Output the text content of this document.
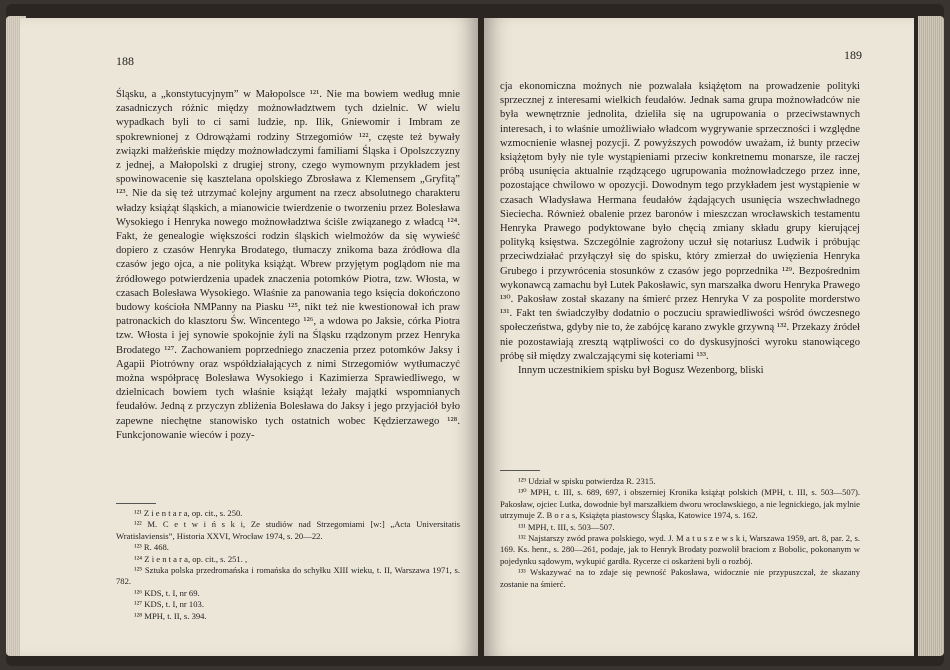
188

Śląsku, a „konstytucyjnym” w Małopolsce ¹²¹. Nie ma bowiem według mnie zasadniczych różnic między możnowładztwem tych dzielnic. W wielu wypadkach byli to ci sami ludzie, np. Ilik, Gniewomir i Imbram ze spokrewnionej z Odrowążami rodziny Strzegomiów ¹²², częste też bywały związki małżeńskie między możnowładczymi familiami Śląska i Opolszczyzny z jednej, a Małopolski z drugiej strony, czego wymownym przykładem jest spowinowacenie się kasztelana opolskiego Zbrosława z Klemensem „Gryfitą” ¹²³. Nie da się też utrzymać kolejny argument na rzecz absolutnego charakteru władzy książąt śląskich, a mianowicie twierdzenie o tworzeniu przez Bolesława Wysokiego i Henryka nowego możnowładztwa ściśle związanego z władcą ¹²⁴. Fakt, że genealogie większości rodzin śląskich wielmożów da się wywieść dopiero z czasów Henryka Brodatego, tłumaczy znikoma baza źródłowa dla czasów jego ojca, a nie polityka książąt. Wbrew przyjętym poglądom nie ma źródłowego potwierdzenia upadek znaczenia potomków Piotra, tzw. Włosta, w czasach Bolesława Wysokiego. Właśnie za panowania tego księcia dokończono budowy kościoła NMPanny na Piasku ¹²⁵, nikt też nie kwestionował ich praw patronackich do klasztoru Św. Wincentego ¹²⁶, a wdowa po Jaksie, córka Piotra tzw. Włosta i jej synowie spokojnie żyli na Śląsku rządzonym przez Henryka Brodatego ¹²⁷. Zachowaniem poprzedniego znaczenia przez potomków Jaksy i Agapii Piotrówny oraz współdziałających z nimi Strzegomiów wytłumaczyć można współpracę Bolesława Wysokiego i Kazimierza Sprawiedliwego, w dzielnicach bowiem tych właśnie książąt leżały majątki wspomnianych feudałów. Jedną z przyczyn zbliżenia Bolesława do Jaksy i jego przyjaciół było zapewne niechętne stanowisko tych ostatnich wobec Kędzierzawego ¹²⁸. Funkcjonowanie wieców i pozy-

¹²¹ Z i e n t a r a, op. cit., s. 250.

¹²² M. C e t w i ń s k i, Ze studiów nad Strzegomiami [w:] „Acta Universitatis Wratislaviensis”, Historia XXVI, Wrocław 1974, s. 20—22.

¹²³ R. 468.

¹²⁴ Z i e n t a r a, op. cit., s. 251. ,

¹²⁵ Sztuka polska przedromańska i romańska do schyłku XIII wieku, t. II, Warszawa 1971, s. 782.

¹²⁶ KDS, t. I, nr 69.

¹²⁷ KDS, t. I, nr 103.

¹²⁸ MPH, t. II, s. 394.

189

cja ekonomiczna możnych nie pozwalała książętom na prowadzenie polityki sprzecznej z interesami wielkich feudałów. Jednak sama grupa możnowładców nie była wewnętrznie jednolita, dzieliła się na ugrupowania o przeciwstawnych interesach, i to właśnie umożliwiało władcom wygrywanie sprzeczności i względne wzmocnienie własnej pozycji. Z powyższych powodów uważam, iż bunty przeciw książętom były nie tyle wystąpieniami przeciw konkretnemu monarsze, ile raczej próbą usunięcia aktualnie rządzącego ugrupowania możnowładczego przez inne, pozostające chwilowo w opozycji. Dowodnym tego przykładem jest wystąpienie w czasach Władysława Hermana feudałów żądających usunięcia wszechwładnego Sieciecha. Również obalenie przez baronów i mieszczan wrocławskich testamentu Henryka Prawego podyktowane było chęcią zmiany składu grupy kierującej polityką księstwa. Szczególnie zagrożony uczuł się notariusz Ludwik i próbując przeciwdziałać przyłączył się do spisku, który zmierzał do uwięzienia Henryka Grubego i przywrócenia stosunków z czasów jego poprzednika ¹²⁹. Bezpośrednim wykonawcą zamachu był Lutek Pakosławic, syn marszałka dworu Henryka Prawego ¹³⁰. Pakosław został skazany na śmierć przez Henryka V za pospolite morderstwo ¹³¹. Fakt ten świadczyłby dodatnio o poczuciu sprawiedliwości wśród ówczesnego społeczeństwa, gdyby nie to, że zabójcę karano zwykle grzywną ¹³². Przekazy źródeł nie pozostawiają zresztą wątpliwości co do dyskusyjności wyroku stanowiącego próbę sił między zwalczającymi się koteriami ¹³³.

Innym uczestnikiem spisku był Bogusz Wezenborg, bliski

¹²⁹ Udział w spisku potwierdza R. 2315.

¹³⁰ MPH, t. III, s. 689, 697, i obszerniej Kronika książąt polskich (MPH, t. III, s. 503—507). Pakosław, ojciec Lutka, dowodnie był marszałkiem dworu wrocławskiego, a nie legnickiego, jak mylnie utrzymuje Z. B o r a s, Książęta piastowscy Śląska, Katowice 1974, s. 162.

¹³¹ MPH, t. III, s. 503—507.

¹³² Najstarszy zwód prawa polskiego, wyd. J. M a t u s z e w s k i, Warszawa 1959, art. 8, par. 2, s. 169. Ks. henr., s. 280—261, podaje, jak to Henryk Brodaty pozwolił braciom z Bobolic, pokonanym w pojedynku sądowym, wykupić gardła. Rycerze ci oskarżeni byli o rozbój.

¹³³ Wskazywać na to zdaje się pewność Pakosława, widocznie nie przypuszczał, że skazany zostanie na śmierć.
